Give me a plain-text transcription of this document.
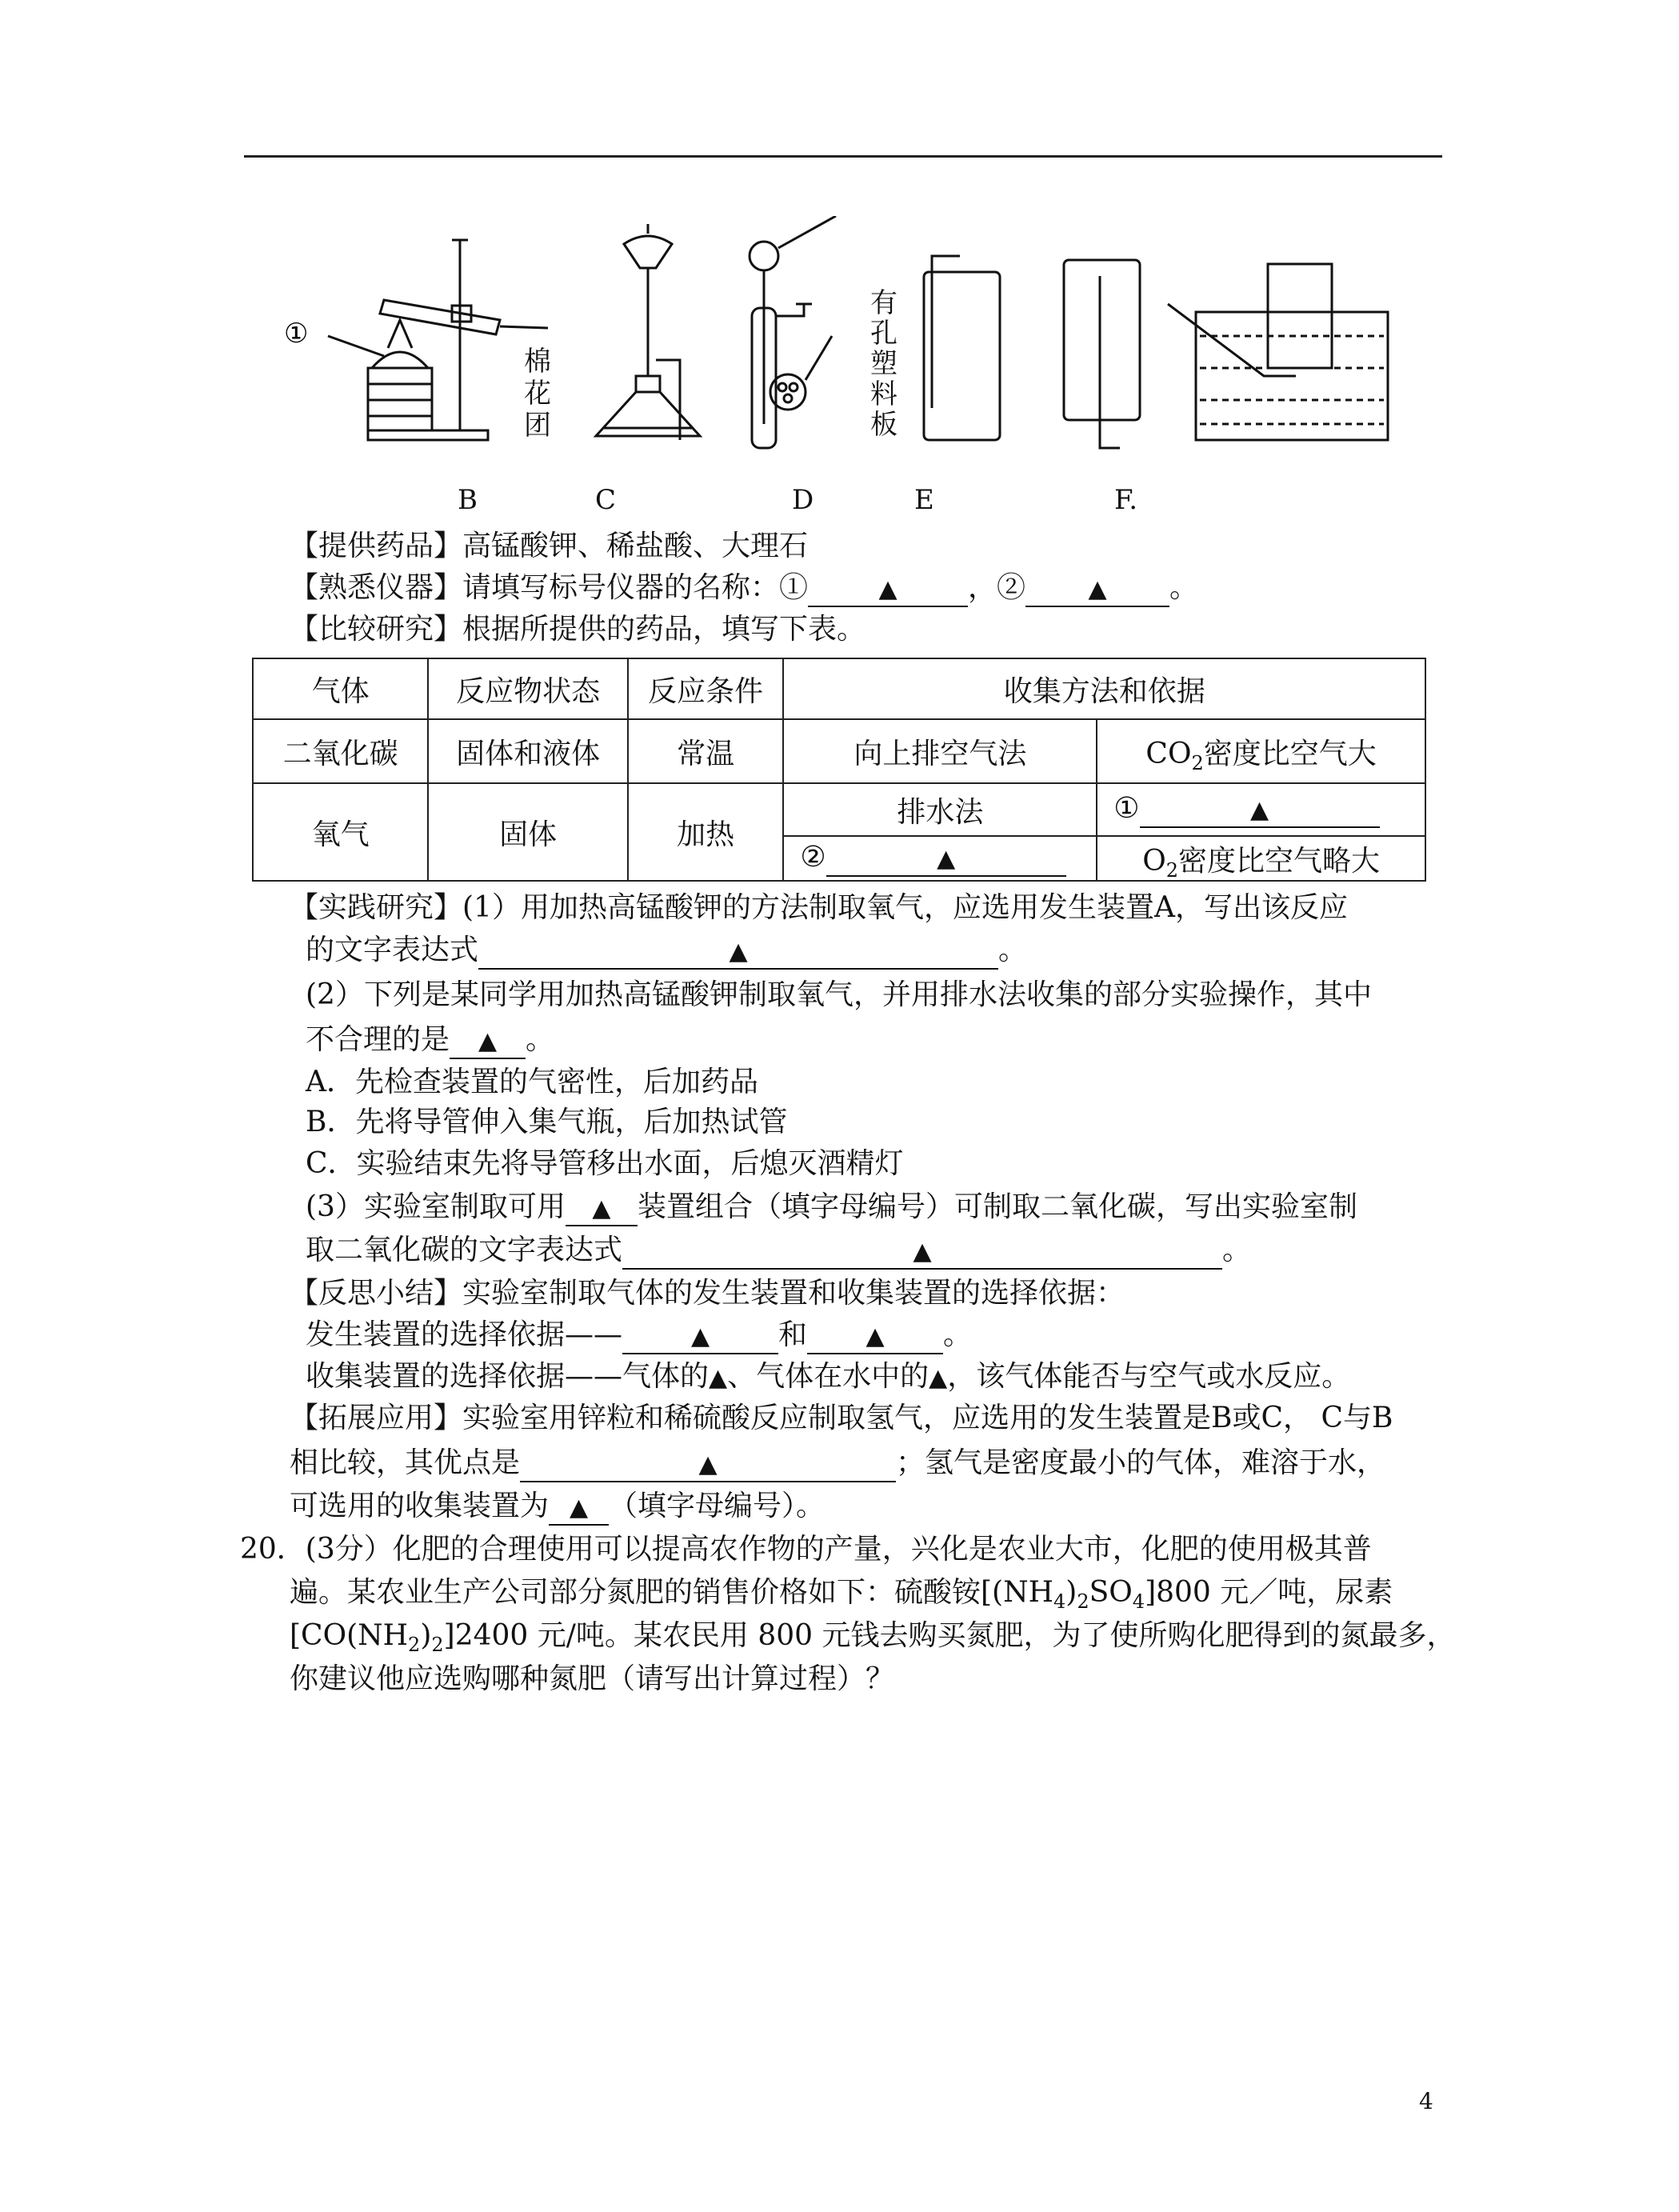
①
棉花团
有孔塑料板
B	C	D	E	F.
【提供药品】高锰酸钾、稀盐酸、大理石
【熟悉仪器】请填写标号仪器的名称：①	▲ ，②	▲ 。
【比较研究】根据所提供的药品，填写下表。
气体	反应物状态	反应条件	收集方法和依据	
二氧化碳	固体和液体	常温	向上排空气法	$CO_2$密度比空气大
氧气	固体	加热	排水法	① ▲
			② ▲	$O_2$密度比空气略大
【实践研究】(1）用加热高锰酸钾的方法制取氧气，应选用发生装置A，写出该反应
的文字表达式	▲	。
(2）下列是某同学用加热高锰酸钾制取氧气，并用排水法收集的部分实验操作，其中
不合理的是 ▲ 。
A．先检查装置的气密性，后加药品
B．先将导管伸入集气瓶，后加热试管
C．实验结束先将导管移出水面，后熄灭酒精灯
(3）实验室制取可用 ▲ 装置组合（填字母编号）可制取二氧化碳，写出实验室制
取二氧化碳的文字表达式	▲	。
【反思小结】实验室制取气体的发生装置和收集装置的选择依据：
发生装置的选择依据——	▲ 和 ▲ 。
收集装置的选择依据——气体的▲、气体在水中的▲，该气体能否与空气或水反应。
【拓展应用】实验室用锌粒和稀硫酸反应制取氢气，应选用的发生装置是B或C， C与B
相比较，其优点是	▲	；氢气是密度最小的气体，难溶于水，
可选用的收集装置为 ▲ （填字母编号）。
20．(3分）化肥的合理使用可以提高农作物的产量，兴化是农业大市，化肥的使用极其普
遍。某农业生产公司部分氮肥的销售价格如下：硫酸铵$[(NH_4)_2SO_4]800$ 元／吨，尿素
$[CO(NH_2)_2]2400$ 元/吨。某农民用 800 元钱去购买氮肥，为了使所购化肥得到的氮最多，
你建议他应选购哪种氮肥（请写出计算过程）？
4
